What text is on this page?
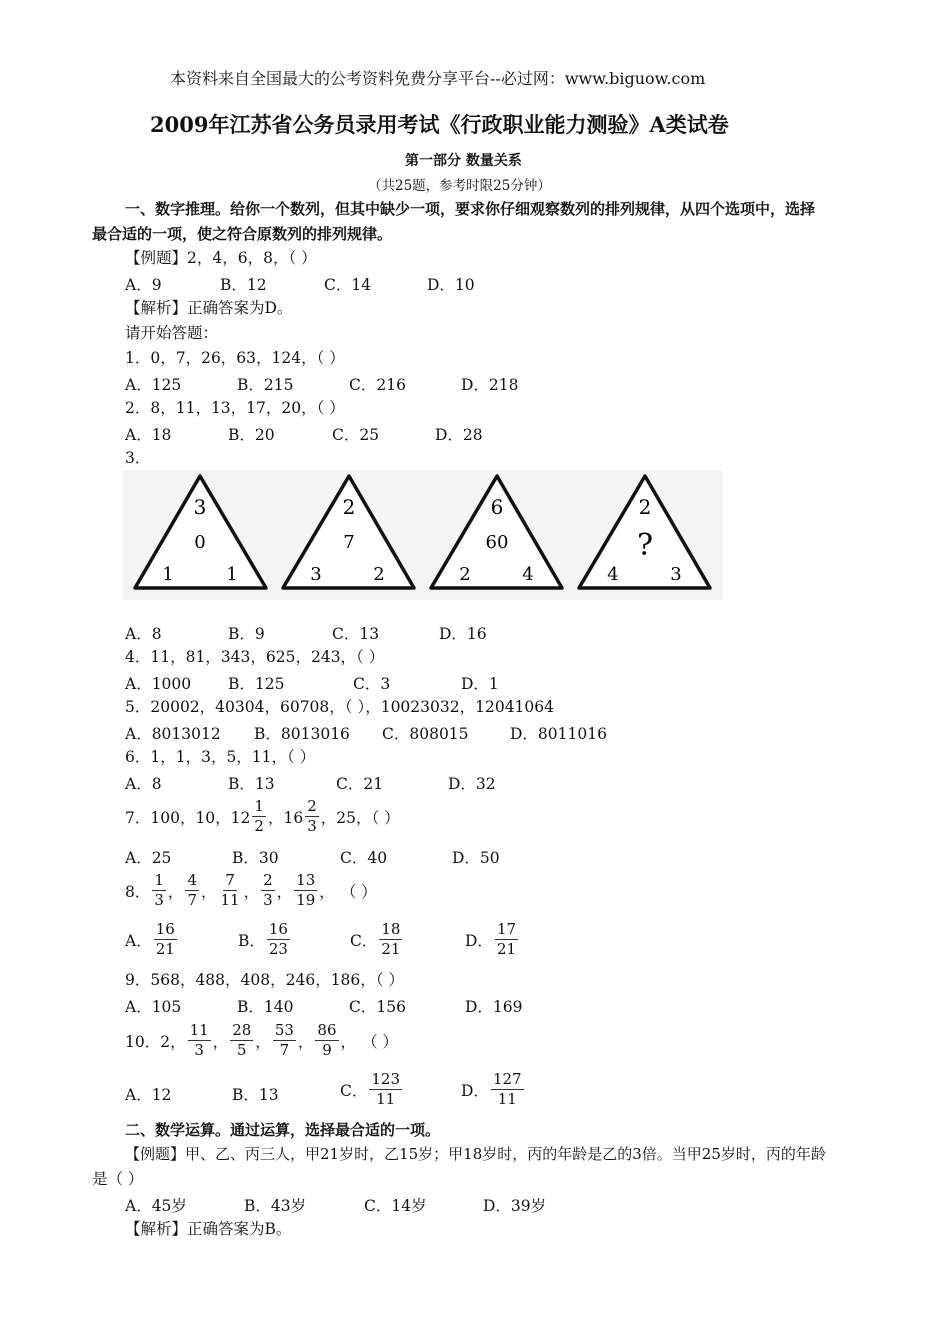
本资料来自全国最大的公考资料免费分享平台--必过网：www.biguow.com
2009年江苏省公务员录用考试《行政职业能力测验》A类试卷
第一部分 数量关系
（共25题，参考时限25分钟）
一、数字推理。给你一个数列，但其中缺少一项，要求你仔细观察数列的排列规律，从四个选项中，选择
最合适的一项，使之符合原数列的排列规律。
【例题】2，4，6，8，（ ）
A．9	B．12	C．14	D．10
【解析】正确答案为D。
请开始答题：
1．0，7，26，63，124，（ ）
A．125	B．215	C．216	D．218
2．8，11，13，17，20，（ ）
A．18	B．20	C．25	D．28
3．
3
0
1	1
2
7
3	2
6
60
2	4
2
?
4	3
A．8	B．9	C．13	D．16
4．11，81，343，625，243，（ ）
A．1000 B．125	C．3	D．1
5．20002，40304，60708，（ ），10023032，12041064
A．8013012 B．8013016 C．808015	D．8011016
6．1，1，3，5，11，（ ）
A．8	B．13	C．21	D．32
7．100，10，$12 \frac{1}{2}$ ，$16 \frac{2}{3}$ ，25，（ ）
A．25	B．30	C．40	D．50
8． $\frac{1}{3}$ ， $\frac{4}{7}$ ， $\frac{7}{11}$ ， $\frac{2}{3}$ ， $\frac{13}{19}$ ， （ ）
A． $\frac{16}{21}$	B． $\frac{16}{23}$	C． $\frac{18}{21}$	D． $\frac{17}{21}$
9．568，488，408，246，186，（ ）
A．105	B．140	C．156	D．169
10．2， $\frac{11}{3}$ ， $\frac{28}{5}$ ， $\frac{53}{7}$ ， $\frac{86}{9}$ ， （ ）
A．12	B．13	C． $\frac{123}{11}$	D． $\frac{127}{11}$
二、数学运算。通过运算，选择最合适的一项。
【例题】甲、乙、丙三人，甲21岁时，乙15岁；甲18岁时，丙的年龄是乙的3倍。当甲25岁时，丙的年龄
是（ ）
A．45岁	B．43岁	C．14岁	D．39岁
【解析】正确答案为B。
